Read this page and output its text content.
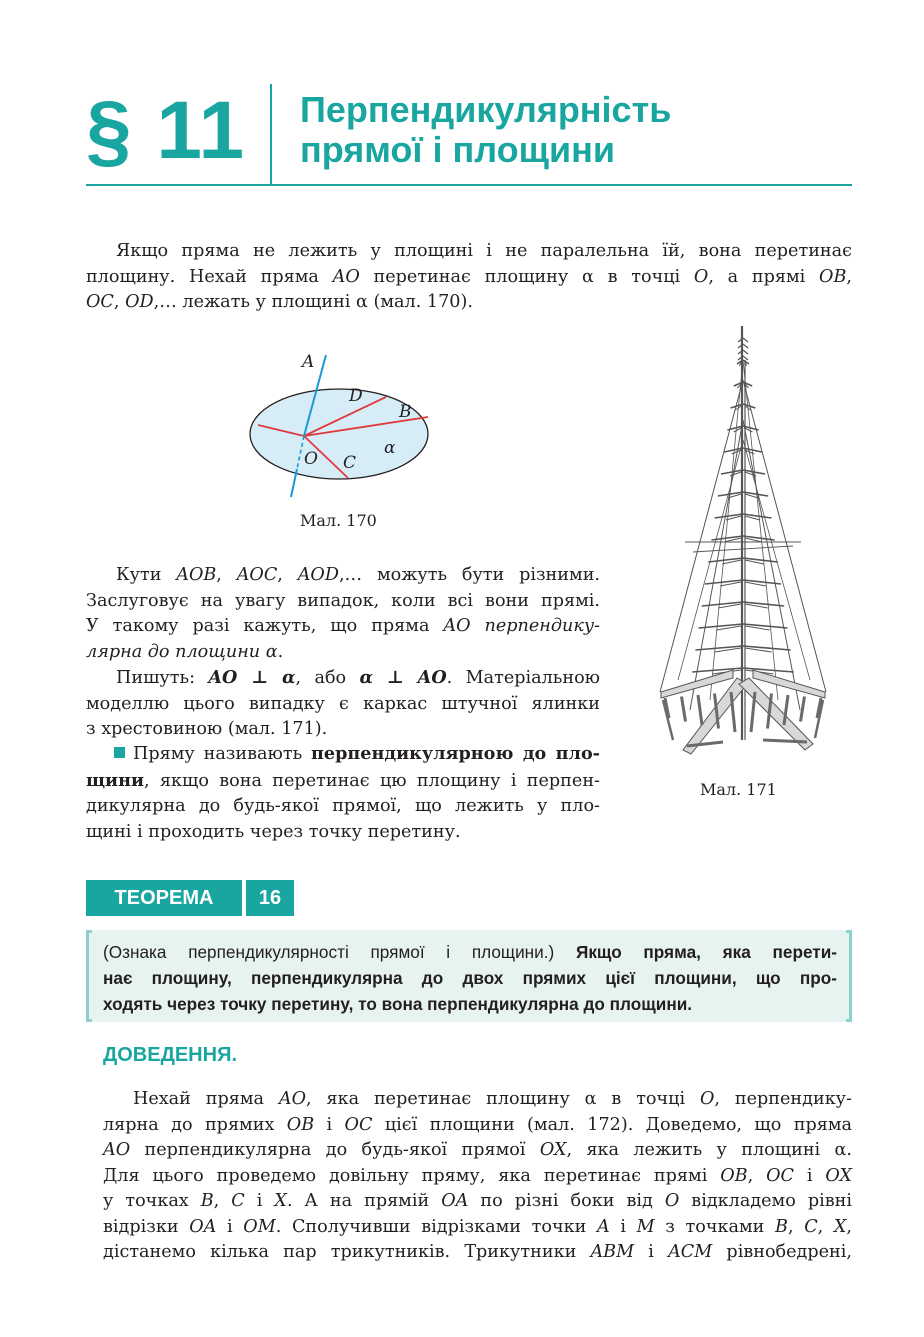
§ 11 Перпендикулярність
прямої і площини

Якщо пряма не лежить у площині і не паралельна їй, вона перетинає
площину. Нехай пряма AO перетинає площину α в точці O, а прямі OB,
OC, OD,… лежать у площині α (мал. 170).

A
D
B
O C
α
Мал. 170
Мал. 171

Кути AOB, AOC, AOD,… можуть бути різними.
Заслуговує на увагу випадок, коли всі вони прямі.
У такому разі кажуть, що пряма AO перпендику-
лярна до площини α.

Пишуть: AO ⊥ α, або α ⊥ AO. Матеріальною
моделлю цього випадку є каркас штучної ялинки
з хрестовиною (мал. 171).

Пряму називають перпендикулярною до пло-
щини, якщо вона перетинає цю площину і перпен-
дикулярна до будь-якої прямої, що лежить у пло-
щині і проходить через точку перетину.

ТЕОРЕМА	16

(Ознака перпендикулярності прямої і площини.) Якщо пряма, яка перети-
нає площину, перпендикулярна до двох прямих цієї площини, що про-
ходять через точку перетину, то вона перпендикулярна до площини.

ДОВЕДЕННЯ.

Нехай пряма AO, яка перетинає площину α в точці O, перпендику-
лярна до прямих OB і OC цієї площини (мал. 172). Доведемо, що пряма
AO перпендикулярна до будь-якої прямої OX, яка лежить у площині α.
Для цього проведемо довільну пряму, яка перетинає прямі OB, OC і OX
у точках B, C і X. А на прямій OA по різні боки від O відкладемо рівні
відрізки OA і OM. Сполучивши відрізками точки A і M з точками B, C, X,
дістанемо кілька пар трикутників. Трикутники ABM і ACM рівнобедрені,
